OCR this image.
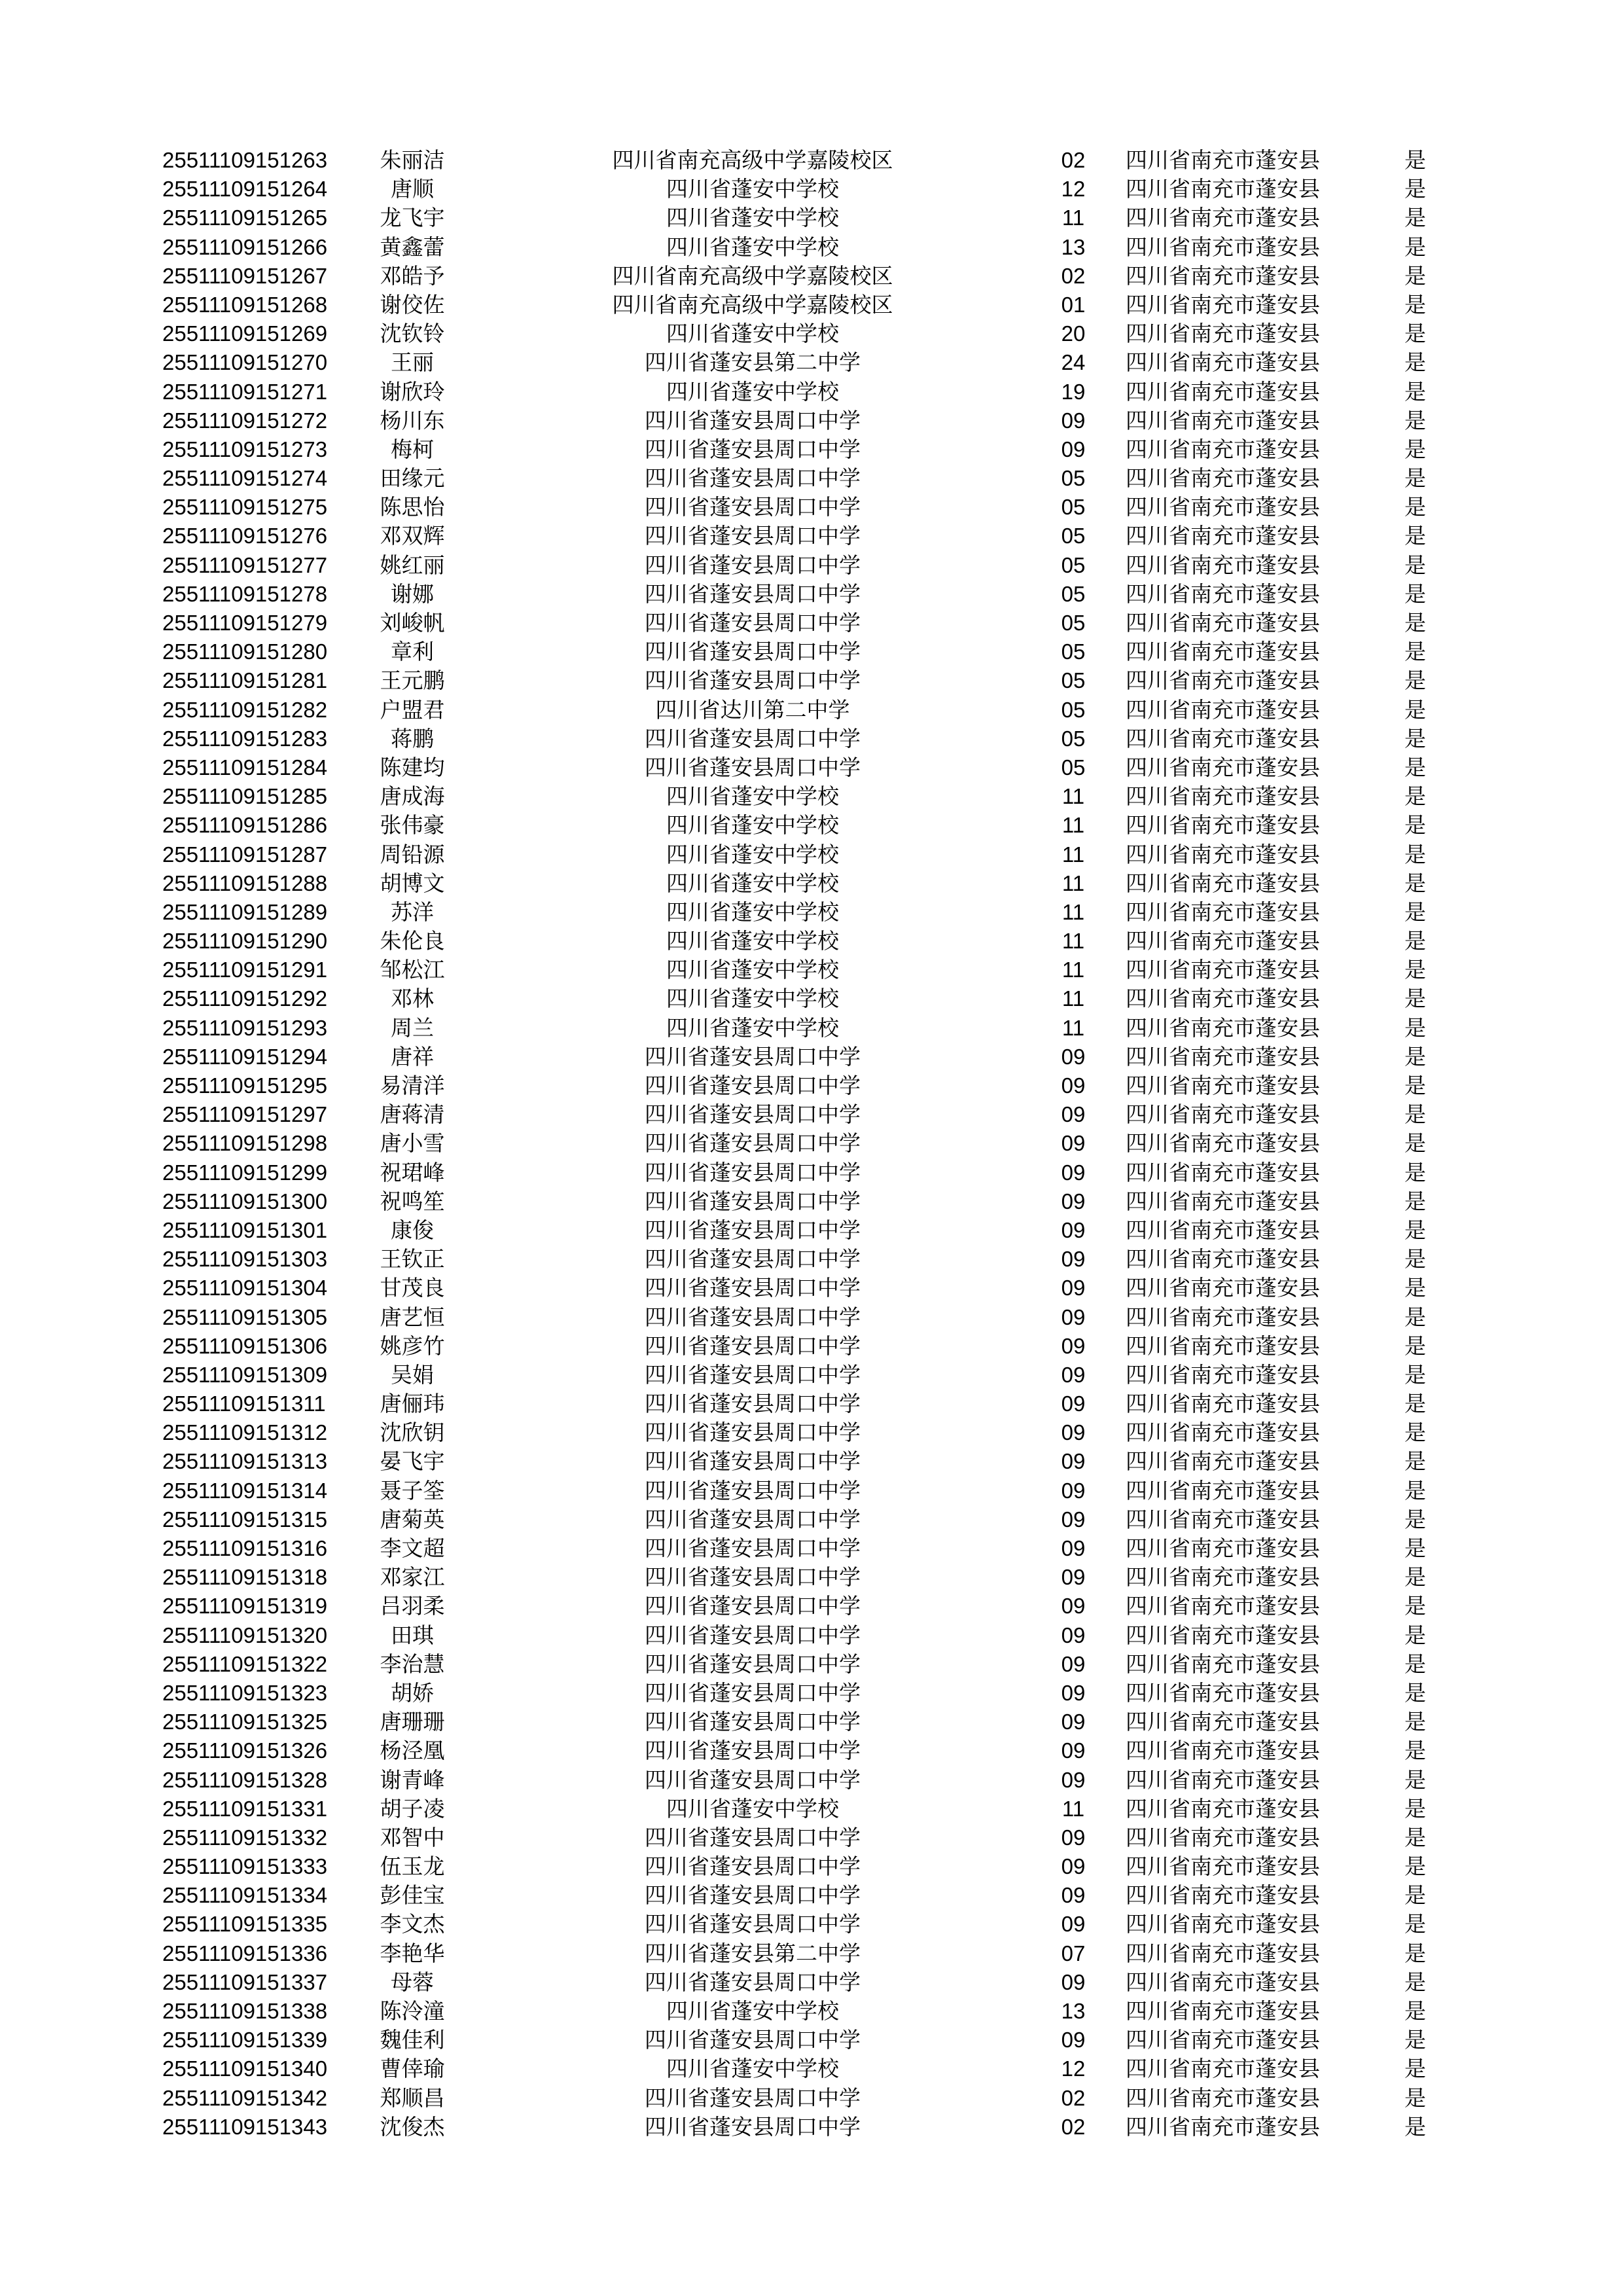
25511109151263	朱丽洁	四川省南充高级中学嘉陵校区	02	四川省南充市蓬安县	是
25511109151264	唐顺	四川省蓬安中学校	12	四川省南充市蓬安县	是
25511109151265	龙飞宇	四川省蓬安中学校	11	四川省南充市蓬安县	是
25511109151266	黄鑫蕾	四川省蓬安中学校	13	四川省南充市蓬安县	是
25511109151267	邓皓予	四川省南充高级中学嘉陵校区	02	四川省南充市蓬安县	是
25511109151268	谢佼佐	四川省南充高级中学嘉陵校区	01	四川省南充市蓬安县	是
25511109151269	沈钦铃	四川省蓬安中学校	20	四川省南充市蓬安县	是
25511109151270	王丽	四川省蓬安县第二中学	24	四川省南充市蓬安县	是
25511109151271	谢欣玲	四川省蓬安中学校	19	四川省南充市蓬安县	是
25511109151272	杨川东	四川省蓬安县周口中学	09	四川省南充市蓬安县	是
25511109151273	梅柯	四川省蓬安县周口中学	09	四川省南充市蓬安县	是
25511109151274	田缘元	四川省蓬安县周口中学	05	四川省南充市蓬安县	是
25511109151275	陈思怡	四川省蓬安县周口中学	05	四川省南充市蓬安县	是
25511109151276	邓双辉	四川省蓬安县周口中学	05	四川省南充市蓬安县	是
25511109151277	姚红丽	四川省蓬安县周口中学	05	四川省南充市蓬安县	是
25511109151278	谢娜	四川省蓬安县周口中学	05	四川省南充市蓬安县	是
25511109151279	刘峻帆	四川省蓬安县周口中学	05	四川省南充市蓬安县	是
25511109151280	章利	四川省蓬安县周口中学	05	四川省南充市蓬安县	是
25511109151281	王元鹏	四川省蓬安县周口中学	05	四川省南充市蓬安县	是
25511109151282	户盟君	四川省达川第二中学	05	四川省南充市蓬安县	是
25511109151283	蒋鹏	四川省蓬安县周口中学	05	四川省南充市蓬安县	是
25511109151284	陈建均	四川省蓬安县周口中学	05	四川省南充市蓬安县	是
25511109151285	唐成海	四川省蓬安中学校	11	四川省南充市蓬安县	是
25511109151286	张伟豪	四川省蓬安中学校	11	四川省南充市蓬安县	是
25511109151287	周铅源	四川省蓬安中学校	11	四川省南充市蓬安县	是
25511109151288	胡博文	四川省蓬安中学校	11	四川省南充市蓬安县	是
25511109151289	苏洋	四川省蓬安中学校	11	四川省南充市蓬安县	是
25511109151290	朱伦良	四川省蓬安中学校	11	四川省南充市蓬安县	是
25511109151291	邹松江	四川省蓬安中学校	11	四川省南充市蓬安县	是
25511109151292	邓林	四川省蓬安中学校	11	四川省南充市蓬安县	是
25511109151293	周兰	四川省蓬安中学校	11	四川省南充市蓬安县	是
25511109151294	唐祥	四川省蓬安县周口中学	09	四川省南充市蓬安县	是
25511109151295	易清洋	四川省蓬安县周口中学	09	四川省南充市蓬安县	是
25511109151297	唐蒋清	四川省蓬安县周口中学	09	四川省南充市蓬安县	是
25511109151298	唐小雪	四川省蓬安县周口中学	09	四川省南充市蓬安县	是
25511109151299	祝珺峰	四川省蓬安县周口中学	09	四川省南充市蓬安县	是
25511109151300	祝鸣笙	四川省蓬安县周口中学	09	四川省南充市蓬安县	是
25511109151301	康俊	四川省蓬安县周口中学	09	四川省南充市蓬安县	是
25511109151303	王钦正	四川省蓬安县周口中学	09	四川省南充市蓬安县	是
25511109151304	甘茂良	四川省蓬安县周口中学	09	四川省南充市蓬安县	是
25511109151305	唐艺恒	四川省蓬安县周口中学	09	四川省南充市蓬安县	是
25511109151306	姚彦竹	四川省蓬安县周口中学	09	四川省南充市蓬安县	是
25511109151309	吴娟	四川省蓬安县周口中学	09	四川省南充市蓬安县	是
25511109151311	唐俪玮	四川省蓬安县周口中学	09	四川省南充市蓬安县	是
25511109151312	沈欣钥	四川省蓬安县周口中学	09	四川省南充市蓬安县	是
25511109151313	晏飞宇	四川省蓬安县周口中学	09	四川省南充市蓬安县	是
25511109151314	聂子筌	四川省蓬安县周口中学	09	四川省南充市蓬安县	是
25511109151315	唐菊英	四川省蓬安县周口中学	09	四川省南充市蓬安县	是
25511109151316	李文超	四川省蓬安县周口中学	09	四川省南充市蓬安县	是
25511109151318	邓家江	四川省蓬安县周口中学	09	四川省南充市蓬安县	是
25511109151319	吕羽柔	四川省蓬安县周口中学	09	四川省南充市蓬安县	是
25511109151320	田琪	四川省蓬安县周口中学	09	四川省南充市蓬安县	是
25511109151322	李治慧	四川省蓬安县周口中学	09	四川省南充市蓬安县	是
25511109151323	胡娇	四川省蓬安县周口中学	09	四川省南充市蓬安县	是
25511109151325	唐珊珊	四川省蓬安县周口中学	09	四川省南充市蓬安县	是
25511109151326	杨泾凰	四川省蓬安县周口中学	09	四川省南充市蓬安县	是
25511109151328	谢青峰	四川省蓬安县周口中学	09	四川省南充市蓬安县	是
25511109151331	胡子凌	四川省蓬安中学校	11	四川省南充市蓬安县	是
25511109151332	邓智中	四川省蓬安县周口中学	09	四川省南充市蓬安县	是
25511109151333	伍玉龙	四川省蓬安县周口中学	09	四川省南充市蓬安县	是
25511109151334	彭佳宝	四川省蓬安县周口中学	09	四川省南充市蓬安县	是
25511109151335	李文杰	四川省蓬安县周口中学	09	四川省南充市蓬安县	是
25511109151336	李艳华	四川省蓬安县第二中学	07	四川省南充市蓬安县	是
25511109151337	母蓉	四川省蓬安县周口中学	09	四川省南充市蓬安县	是
25511109151338	陈泠潼	四川省蓬安中学校	13	四川省南充市蓬安县	是
25511109151339	魏佳利	四川省蓬安县周口中学	09	四川省南充市蓬安县	是
25511109151340	曹倖瑜	四川省蓬安中学校	12	四川省南充市蓬安县	是
25511109151342	郑顺昌	四川省蓬安县周口中学	02	四川省南充市蓬安县	是
25511109151343	沈俊杰	四川省蓬安县周口中学	02	四川省南充市蓬安县	是
